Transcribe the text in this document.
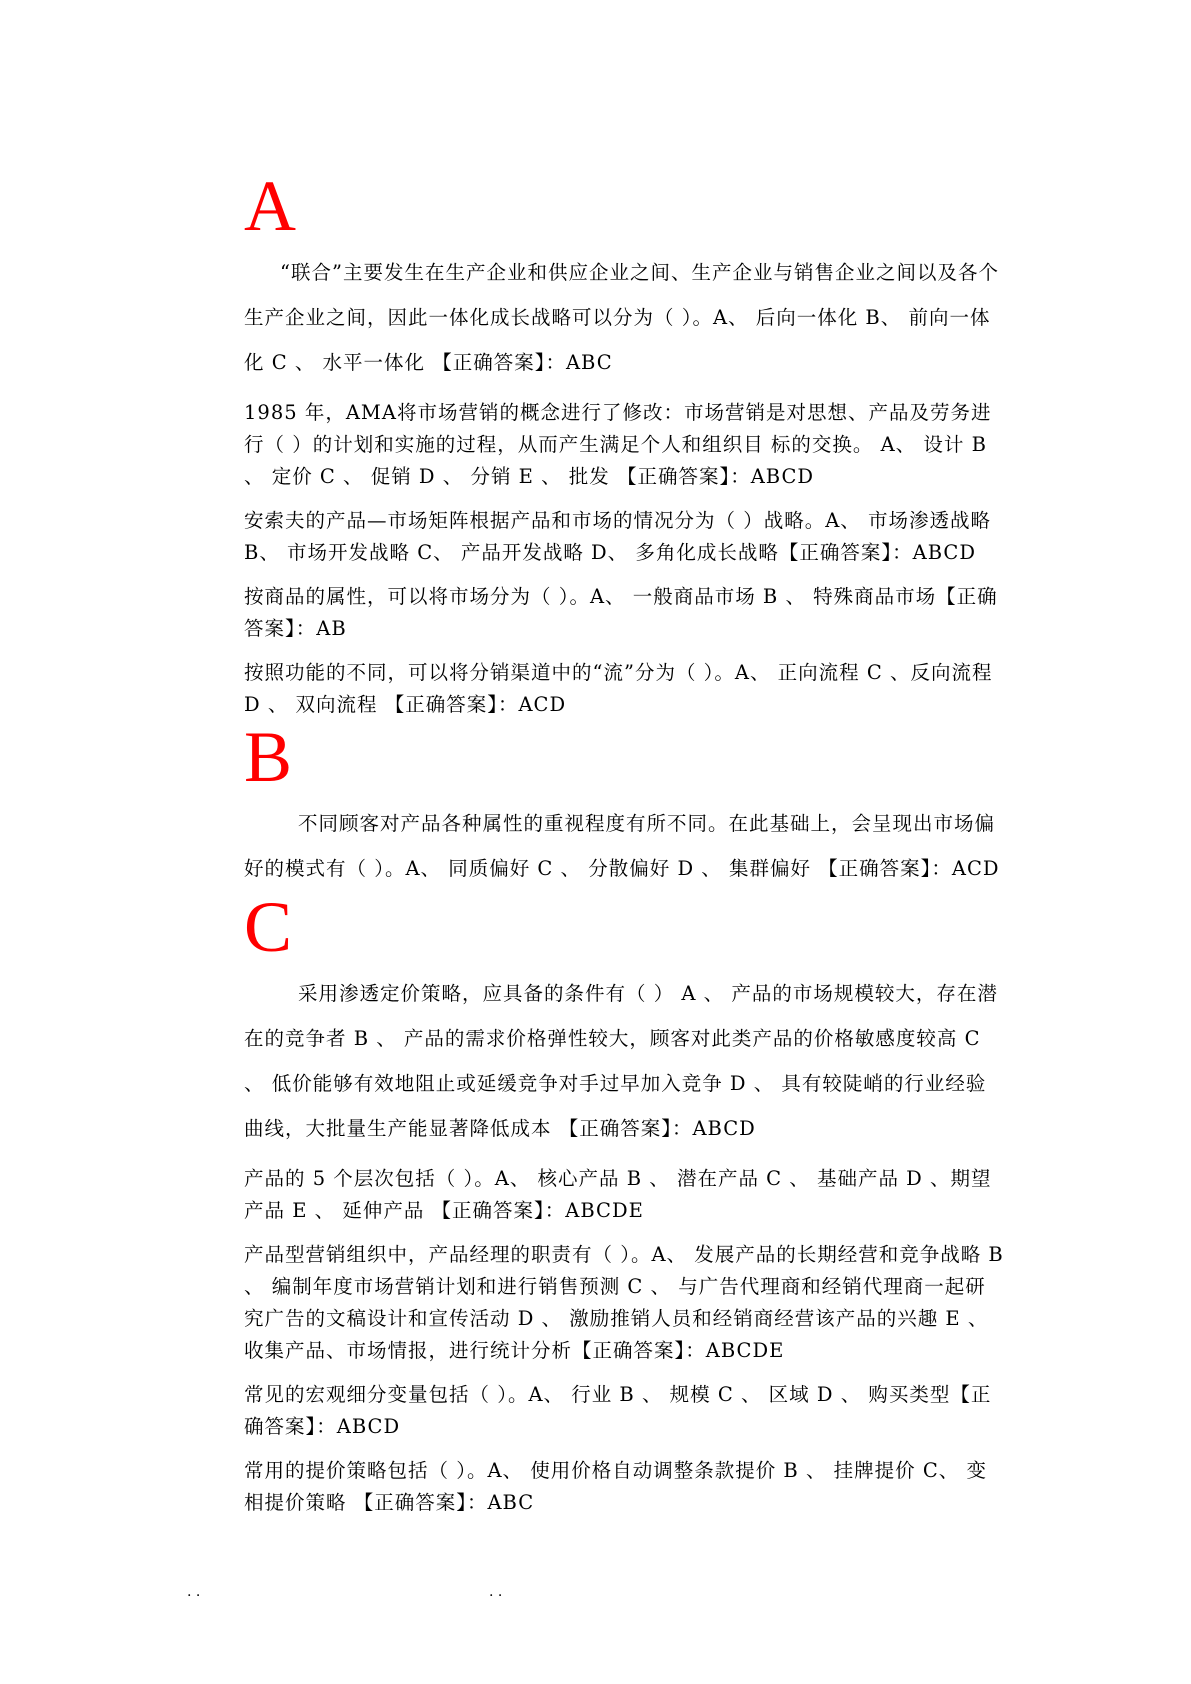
A

“联合”主要发生在生产企业和供应企业之间、生产企业与销售企业之间以及各个生产企业之间，因此一体化成长战略可以分为（ ）。A、 后向一体化 B、 前向一体化 C 、 水平一体化 【正确答案】：ABC

1985 年，AMA将市场营销的概念进行了修改：市场营销是对思想、产品及劳务进行（ ）的计划和实施的过程，从而产生满足个人和组织目 标的交换。 A、 设计 B 、 定价 C 、 促销 D 、 分销 E 、 批发 【正确答案】：ABCD

安索夫的产品—市场矩阵根据产品和市场的情况分为（ ）战略。A、 市场渗透战略 B、 市场开发战略 C、 产品开发战略 D、 多角化成长战略【正确答案】：ABCD

按商品的属性，可以将市场分为（ ）。A、 一般商品市场 B 、 特殊商品市场【正确答案】：AB

按照功能的不同，可以将分销渠道中的“流”分为（ ）。A、 正向流程 C 、反向流程 D 、 双向流程 【正确答案】：ACD

B

不同顾客对产品各种属性的重视程度有所不同。在此基础上，会呈现出市场偏好的模式有（ ）。A、 同质偏好 C 、 分散偏好 D 、 集群偏好 【正确答案】：ACD

C

采用渗透定价策略，应具备的条件有（ ） A 、 产品的市场规模较大，存在潜在的竞争者 B 、 产品的需求价格弹性较大，顾客对此类产品的价格敏感度较高 C 、 低价能够有效地阻止或延缓竞争对手过早加入竞争 D 、 具有较陡峭的行业经验曲线，大批量生产能显著降低成本 【正确答案】：ABCD

产品的 5 个层次包括（ ）。A、 核心产品 B 、 潜在产品 C 、 基础产品 D 、期望产品 E 、 延伸产品 【正确答案】：ABCDE

产品型营销组织中，产品经理的职责有（ ）。A、 发展产品的长期经营和竞争战略 B 、 编制年度市场营销计划和进行销售预测 C 、 与广告代理商和经销代理商一起研究广告的文稿设计和宣传活动 D 、 激励推销人员和经销商经营该产品的兴趣 E 、 收集产品、市场情报，进行统计分析【正确答案】：ABCDE

常见的宏观细分变量包括（ ）。A、 行业 B 、 规模 C 、 区域 D 、 购买类型【正确答案】：ABCD

常用的提价策略包括（ ）。A、 使用价格自动调整条款提价 B 、 挂牌提价 C、 变相提价策略 【正确答案】：ABC

. .	. .
